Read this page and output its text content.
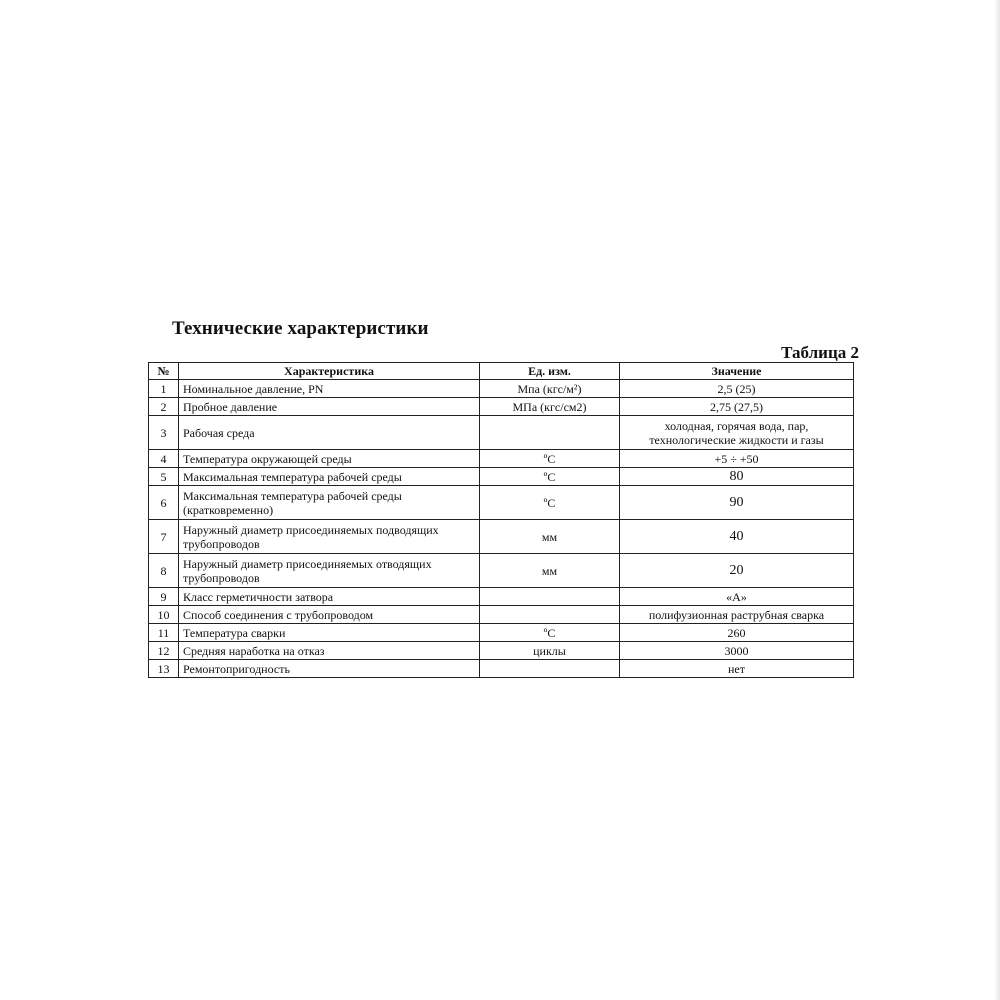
Технические характеристики
Таблица 2
№	Характеристика	Ед. изм.	Значение
1	Номинальное давление, PN	Мпа (кгс/м²)	2,5 (25)
2	Пробное давление	МПа (кгс/см2)	2,75 (27,5)
3	Рабочая среда		холодная, горячая вода, пар, технологические жидкости и газы
4	Температура окружающей среды	ºС	+5 ÷ +50
5	Максимальная температура рабочей среды	ºС	80
6	Максимальная температура рабочей среды (кратковременно)	ºС	90
7	Наружный диаметр присоединяемых подводящих трубопроводов	мм	40
8	Наружный диаметр присоединяемых отводящих трубопроводов	мм	20
9	Класс герметичности затвора		«А»
10	Способ соединения с трубопроводом		полифузионная раструбная сварка
11	Температура сварки	ºС	260
12	Средняя наработка на отказ	циклы	3000
13	Ремонтопригодность		нет
